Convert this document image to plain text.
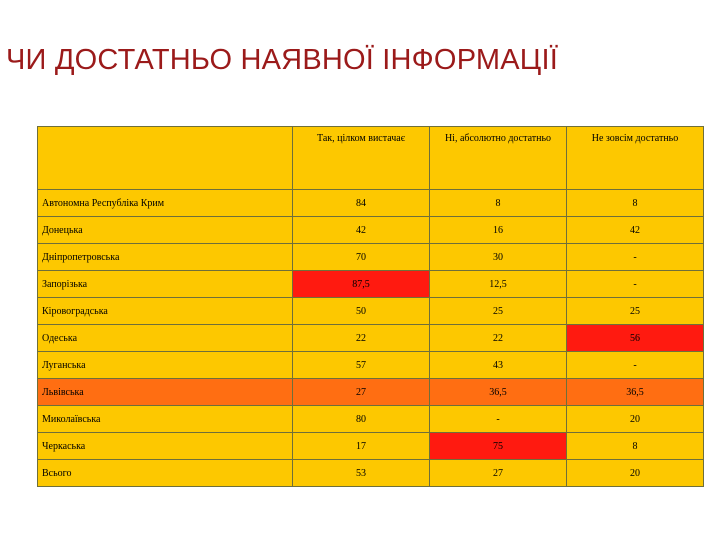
ЧИ ДОСТАТНЬО НАЯВНОЇ ІНФОРМАЦІЇ
	Так, цілком вистачає	Ні, абсолютно достатньо	Не зовсім достатньо
Автономна Республіка Крим	84	8	8
Донецька	42	16	42
Дніпропетровська	70	30	-
Запорізька	87,5	12,5	-
Кіровоградська	50	25	25
Одеська	22	22	56
Луганська	57	43	-
Львівська	27	36,5	36,5
Миколаївська	80	-	20
Черкаська	17	75	8
Всього	53	27	20
